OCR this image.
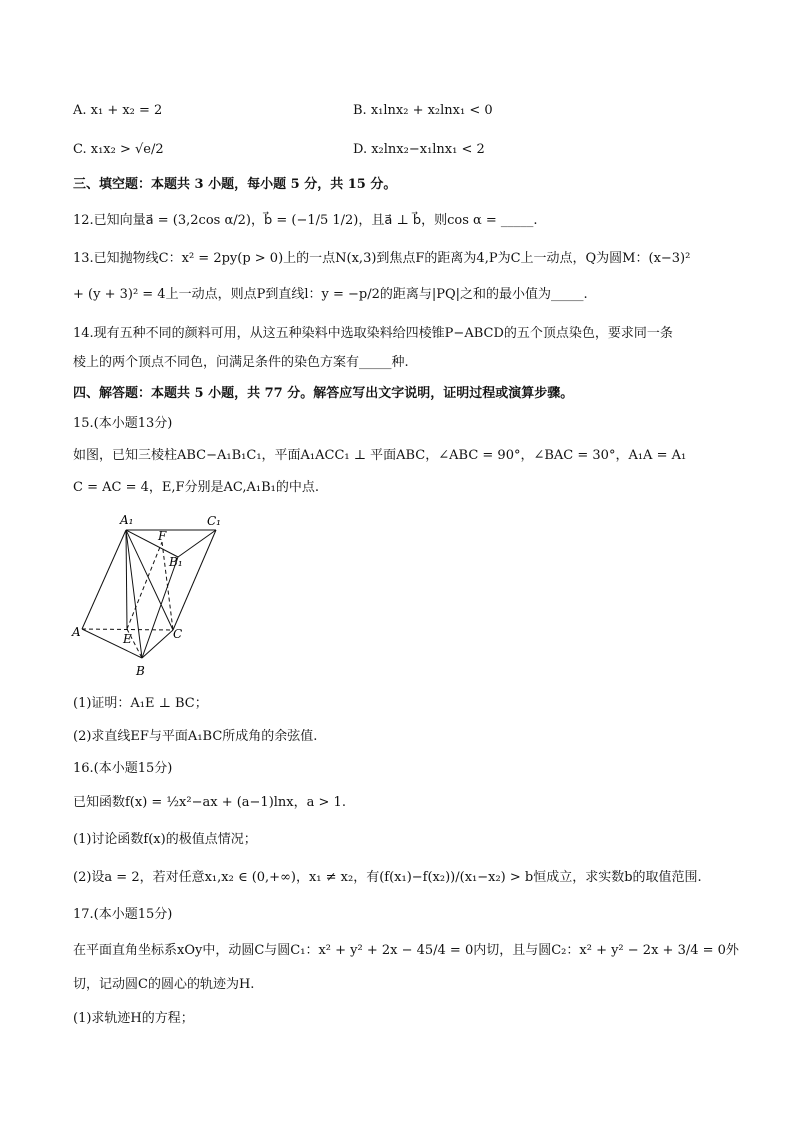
A. x₁ + x₂ = 2	B. x₁lnx₂ + x₂lnx₁ < 0
C. x₁x₂ > √e/2	D. x₂lnx₂−x₁lnx₁ < 2
三、填空题：本题共 3 小题，每小题 5 分，共 15 分。
12.已知向量a⃗ = (3,2cos α/2)，b⃗ = (−1/5 1/2)，且a⃗ ⊥ b⃗，则cos α = _____.
13.已知抛物线C：x² = 2py(p > 0)上的一点N(x,3)到焦点F的距离为4,P为C上一动点，Q为圆M：(x−3)²
+ (y + 3)² = 4上一动点，则点P到直线l：y = −p/2的距离与|PQ|之和的最小值为_____.
14.现有五种不同的颜料可用，从这五种染料中选取染料给四棱锥P−ABCD的五个顶点染色，要求同一条
棱上的两个顶点不同色，问满足条件的染色方案有_____种.
四、解答题：本题共 5 小题，共 77 分。解答应写出文字说明，证明过程或演算步骤。
15.(本小题13分)
如图，已知三棱柱ABC−A₁B₁C₁，平面A₁ACC₁ ⊥ 平面ABC，∠ABC = 90°，∠BAC = 30°，A₁A = A₁
C = AC = 4，E,F分别是AC,A₁B₁的中点.
A₁	C₁
F
B₁
A	E	C
B
(1)证明：A₁E ⊥ BC；
(2)求直线EF与平面A₁BC所成角的余弦值.
16.(本小题15分)
已知函数f(x) = ½x²−ax + (a−1)lnx，a > 1.
(1)讨论函数f(x)的极值点情况；
(2)设a = 2，若对任意x₁,x₂ ∈ (0,+∞)，x₁ ≠ x₂，有(f(x₁)−f(x₂))/(x₁−x₂) > b恒成立，求实数b的取值范围.
17.(本小题15分)
在平面直角坐标系xOy中，动圆C与圆C₁：x² + y² + 2x − 45/4 = 0内切，且与圆C₂：x² + y² − 2x + 3/4 = 0外
切，记动圆C的圆心的轨迹为H.
(1)求轨迹H的方程；
